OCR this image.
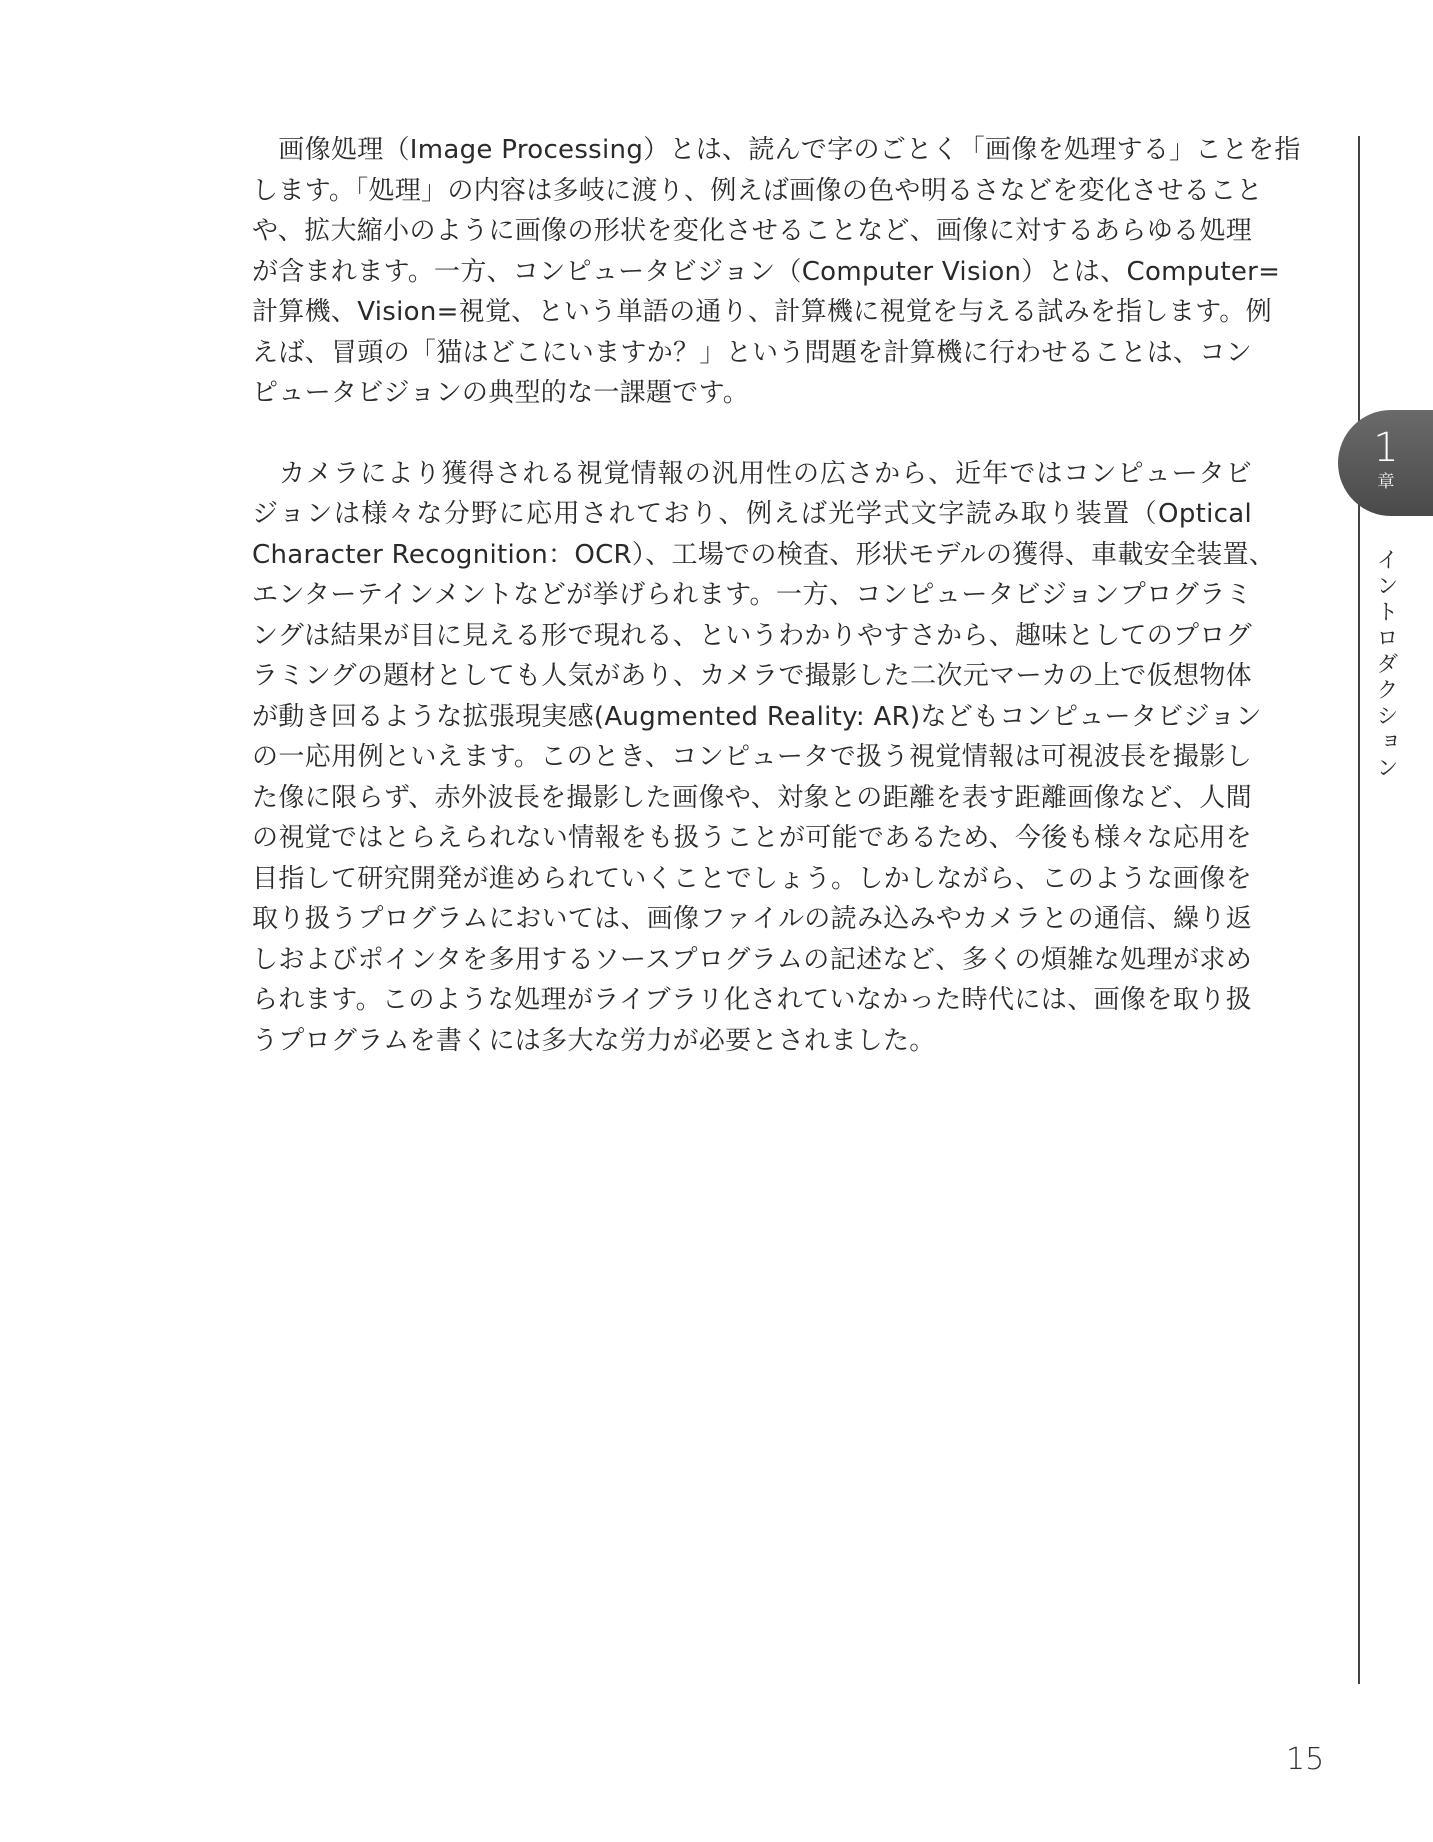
　画像処理（Image Processing）とは、読んで字のごとく「画像を処理する」ことを指
します。「処理」の内容は多岐に渡り、例えば画像の色や明るさなどを変化させること
や、拡大縮小のように画像の形状を変化させることなど、画像に対するあらゆる処理
が含まれます。一方、コンピュータビジョン（Computer Vision）とは、Computer=
計算機、Vision=視覚、という単語の通り、計算機に視覚を与える試みを指します。例
えば、冒頭の「猫はどこにいますか？」という問題を計算機に行わせることは、コン
ピュータビジョンの典型的な一課題です。

　カメラにより獲得される視覚情報の汎用性の広さから、近年ではコンピュータビ
ジョンは様々な分野に応用されており、例えば光学式文字読み取り装置（Optical
Character Recognition：OCR）、工場での検査、形状モデルの獲得、車載安全装置、
エンターテインメントなどが挙げられます。一方、コンピュータビジョンプログラミ
ングは結果が目に見える形で現れる、というわかりやすさから、趣味としてのプログ
ラミングの題材としても人気があり、カメラで撮影した二次元マーカの上で仮想物体
が動き回るような拡張現実感(Augmented Reality: AR)などもコンピュータビジョン
の一応用例といえます。このとき、コンピュータで扱う視覚情報は可視波長を撮影し
た像に限らず、赤外波長を撮影した画像や、対象との距離を表す距離画像など、人間
の視覚ではとらえられない情報をも扱うことが可能であるため、今後も様々な応用を
目指して研究開発が進められていくことでしょう。しかしながら、このような画像を
取り扱うプログラムにおいては、画像ファイルの読み込みやカメラとの通信、繰り返
しおよびポインタを多用するソースプログラムの記述など、多くの煩雑な処理が求め
られます。このような処理がライブラリ化されていなかった時代には、画像を取り扱
うプログラムを書くには多大な労力が必要とされました。

1
章
イントロダクション
15
